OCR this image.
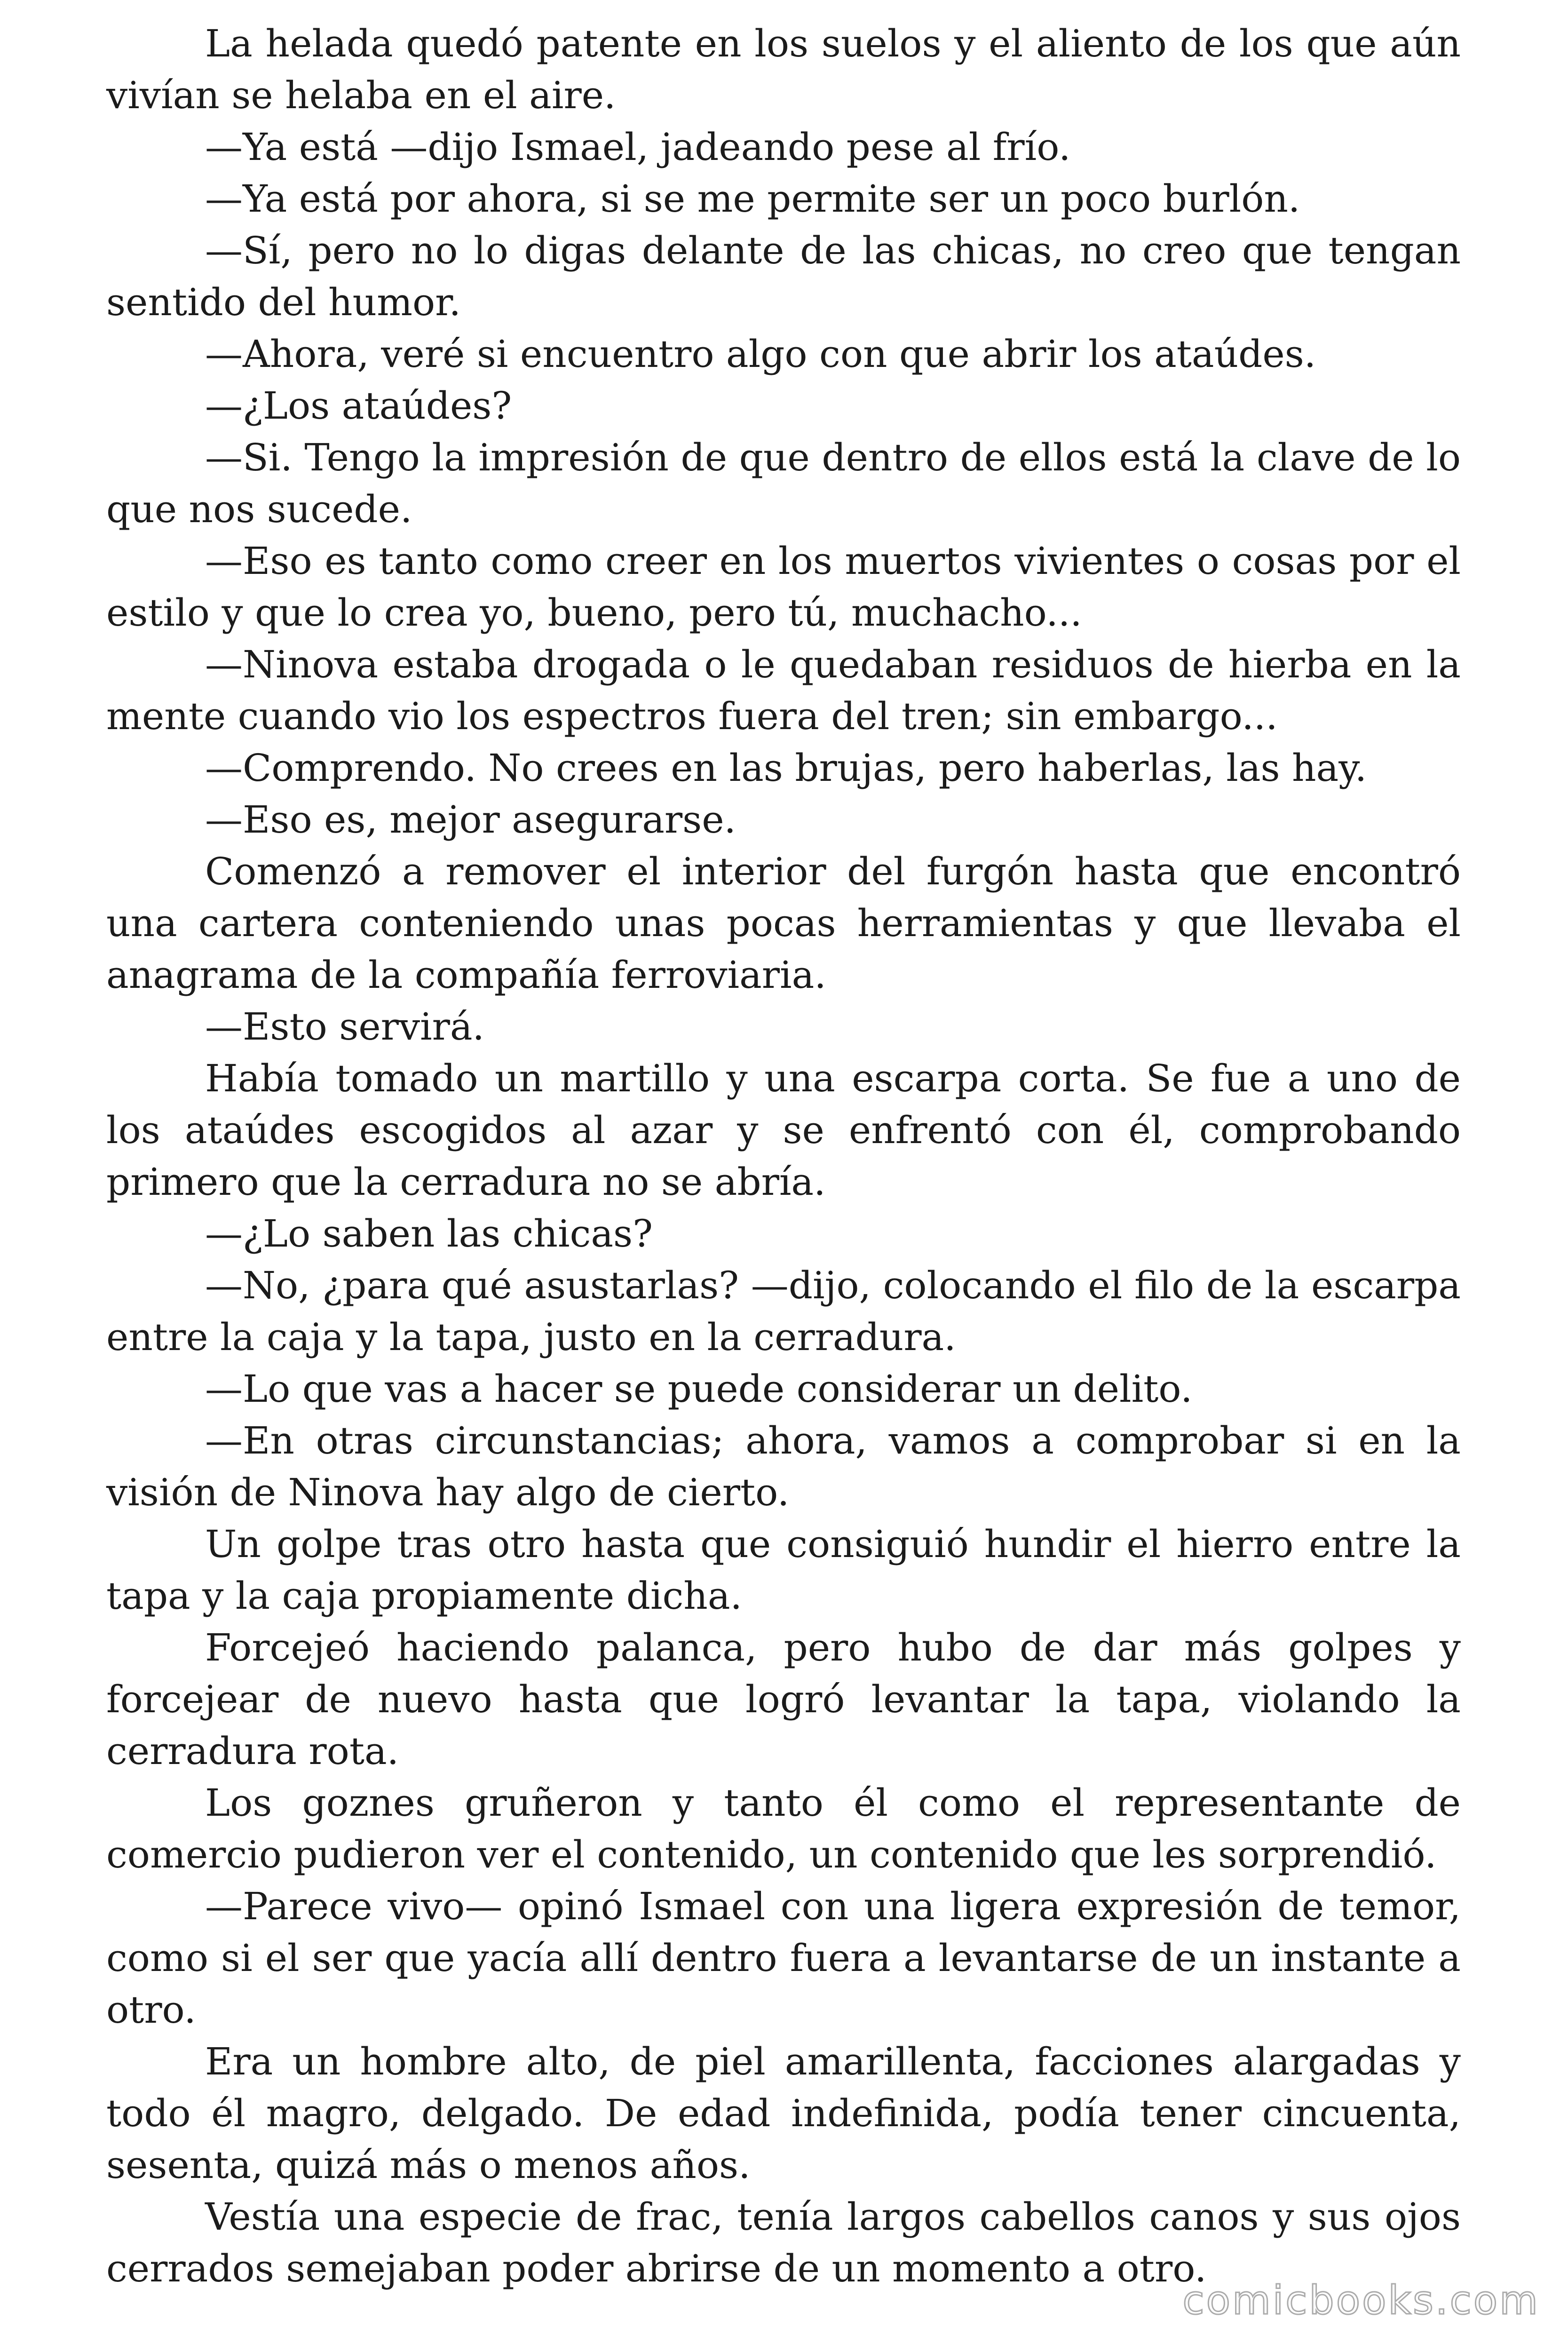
La helada quedó patente en los suelos y el aliento de los que aún vivían se helaba en el aire.

—Ya está —dijo Ismael, jadeando pese al frío.

—Ya está por ahora, si se me permite ser un poco burlón.

—Sí, pero no lo digas delante de las chicas, no creo que tengan sentido del humor.

—Ahora, veré si encuentro algo con que abrir los ataúdes.

—¿Los ataúdes?

—Si. Tengo la impresión de que dentro de ellos está la clave de lo que nos sucede.

—Eso es tanto como creer en los muertos vivientes o cosas por el estilo y que lo crea yo, bueno, pero tú, muchacho...

—Ninova estaba drogada o le quedaban residuos de hierba en la mente cuando vio los espectros fuera del tren; sin embargo...

—Comprendo. No crees en las brujas, pero haberlas, las hay.

—Eso es, mejor asegurarse.

Comenzó a remover el interior del furgón hasta que encontró una cartera conteniendo unas pocas herramientas y que llevaba el anagrama de la compañía ferroviaria.

—Esto servirá.

Había tomado un martillo y una escarpa corta. Se fue a uno de los ataúdes escogidos al azar y se enfrentó con él, comprobando primero que la cerradura no se abría.

—¿Lo saben las chicas?

—No, ¿para qué asustarlas? —dijo, colocando el filo de la escarpa entre la caja y la tapa, justo en la cerradura.

—Lo que vas a hacer se puede considerar un delito.

—En otras circunstancias; ahora, vamos a comprobar si en la visión de Ninova hay algo de cierto.

Un golpe tras otro hasta que consiguió hundir el hierro entre la tapa y la caja propiamente dicha.

Forcejeó haciendo palanca, pero hubo de dar más golpes y forcejear de nuevo hasta que logró levantar la tapa, violando la cerradura rota.

Los goznes gruñeron y tanto él como el representante de comercio pudieron ver el contenido, un contenido que les sorprendió.

—Parece vivo— opinó Ismael con una ligera expresión de temor, como si el ser que yacía allí dentro fuera a levantarse de un instante a otro.

Era un hombre alto, de piel amarillenta, facciones alargadas y todo él magro, delgado. De edad indefinida, podía tener cincuenta, sesenta, quizá más o menos años.

Vestía una especie de frac, tenía largos cabellos canos y sus ojos cerrados semejaban poder abrirse de un momento a otro.

comicbooks.com
